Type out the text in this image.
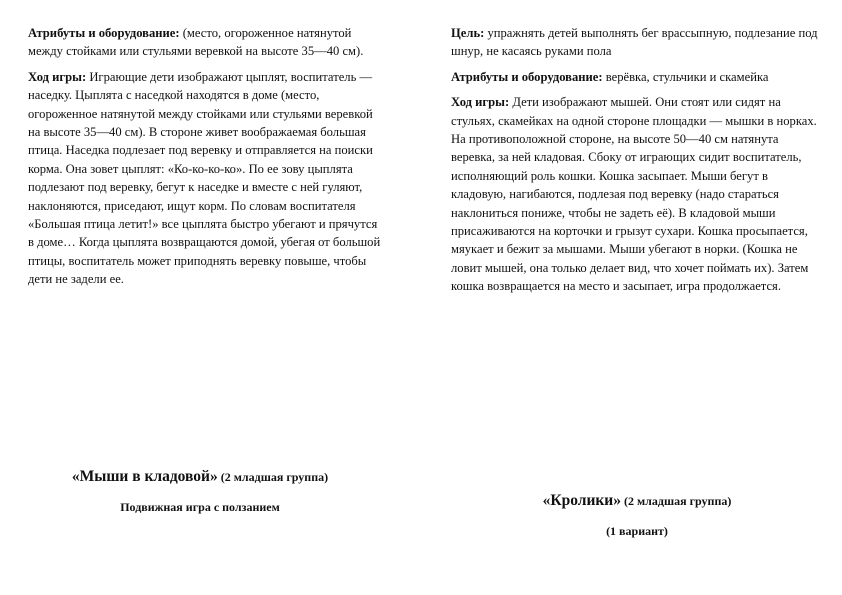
Атрибуты и оборудование: (место, огороженное натянутой между стойками или стульями веревкой на высоте 35—40 см).

Ход игры: Играющие дети изображают цыплят, воспитатель — наседку. Цыплята с наседкой находятся в доме (место, огороженное натянутой между стойками или стульями веревкой на высоте 35—40 см). В стороне живет воображаемая большая птица. Наседка подлезает под веревку и отправляется на поиски корма. Она зовет цыплят: «Ко-ко-ко-ко». По ее зову цыплята подлезают под веревку, бегут к наседке и вместе с ней гуляют, наклоняются, приседают, ищут корм. По словам воспитателя «Большая птица летит!» все цыплята быстро убегают и прячутся в доме… Когда цыплята возвращаются домой, убегая от большой птицы, воспитатель может приподнять веревку повыше, чтобы дети не задели ее.

Цель: упражнять детей выполнять бег врассыпную, подлезание под шнур, не касаясь руками пола

Атрибуты и оборудование: верёвка, стульчики и скамейка

Ход игры: Дети изображают мышей. Они стоят или сидят на стульях, скамейках на одной стороне площадки — мышки в норках. На противоположной стороне, на высоте 50—40 см натянута веревка, за ней кладовая. Сбоку от играющих сидит воспитатель, исполняющий роль кошки. Кошка засыпает. Мыши бегут в кладовую, нагибаются, подлезая под веревку (надо стараться наклониться пониже, чтобы не задеть её). В кладовой мыши присаживаются на корточки и грызут сухари. Кошка просыпается, мяукает и бежит за мышами. Мыши убегают в норки. (Кошка не ловит мышей, она только делает вид, что хочет поймать их). Затем кошка возвращается на место и засыпает, игра продолжается.

«Мыши в кладовой» (2 младшая группа)
Подвижная игра с ползанием	«Кролики» (2 младшая группа)
(1 вариант)
